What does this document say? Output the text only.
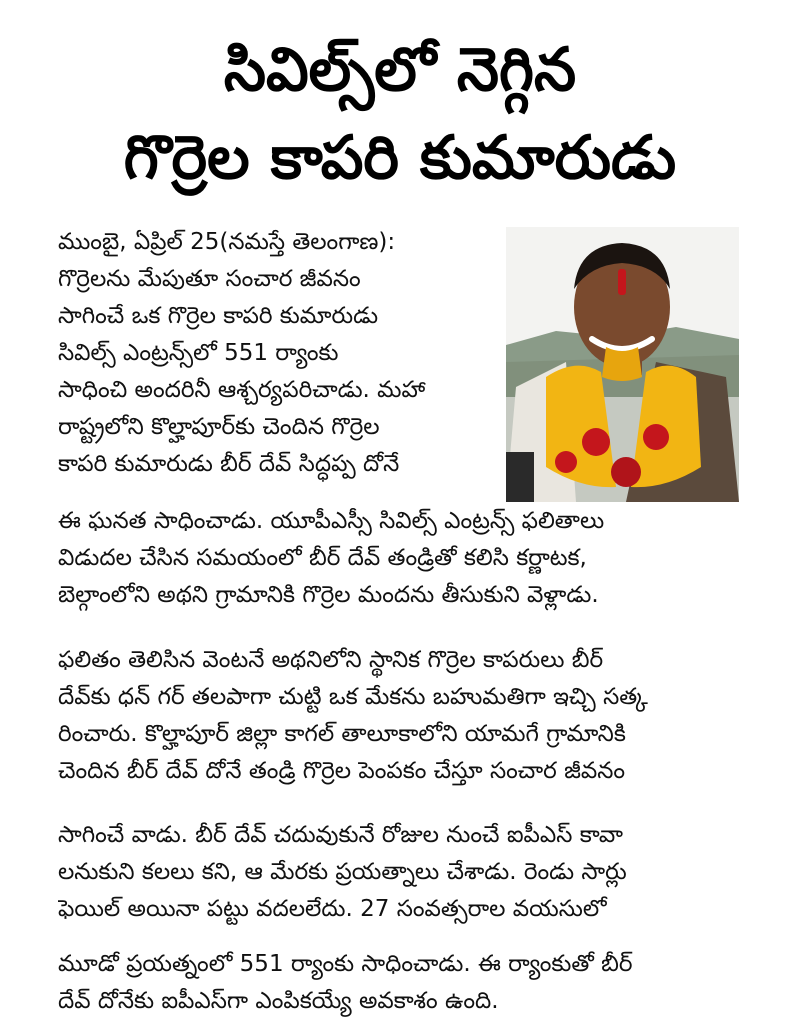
సివిల్స్‌లో నెగ్గిన
గొర్రెల కాపరి కుమారుడు
ముంబై, ఏప్రిల్ 25(నమస్తే తెలంగాణ):
గొర్రెలను మేపుతూ సంచార జీవనం
సాగించే ఒక గొర్రెల కాపరి కుమారుడు
సివిల్స్ ఎంట్రన్స్‌లో 551 ర్యాంకు
సాధించి అందరినీ ఆశ్చర్యపరిచాడు. మహా
రాష్ట్రలోని కొల్హాపూర్‌కు చెందిన గొర్రెల
కాపరి కుమారుడు బీర్ దేవ్ సిద్ధప్ప దోనే
ఈ ఘనత సాధించాడు. యూపీఎస్సీ సివిల్స్ ఎంట్రన్స్ ఫలితాలు
విడుదల చేసిన సమయంలో బీర్ దేవ్ తండ్రితో కలిసి కర్ణాటక,
బెల్గాంలోని అథని గ్రామానికి గొర్రెల మందను తీసుకుని వెళ్లాడు.
ఫలితం తెలిసిన వెంటనే అథనిలోని స్థానిక గొర్రెల కాపరులు బీర్
దేవ్‌కు ధన్ గర్ తలపాగా చుట్టి ఒక మేకను బహుమతిగా ఇచ్చి సత్క
రించారు. కొల్హాపూర్ జిల్లా కాగల్ తాలూకాలోని యామగే గ్రామానికి
చెందిన బీర్ దేవ్ దోనే తండ్రి గొర్రెల పెంపకం చేస్తూ సంచార జీవనం
సాగించే వాడు. బీర్ దేవ్ చదువుకునే రోజుల నుంచే ఐపీఎస్ కావా
లనుకుని కలలు కని, ఆ మేరకు ప్రయత్నాలు చేశాడు. రెండు సార్లు
ఫెయిల్ అయినా పట్టు వదలలేదు. 27 సంవత్సరాల వయసులో
మూడో ప్రయత్నంలో 551 ర్యాంకు సాధించాడు. ఈ ర్యాంకుతో బీర్
దేవ్ దోనేకు ఐపీఎస్‌గా ఎంపికయ్యే అవకాశం ఉంది.
